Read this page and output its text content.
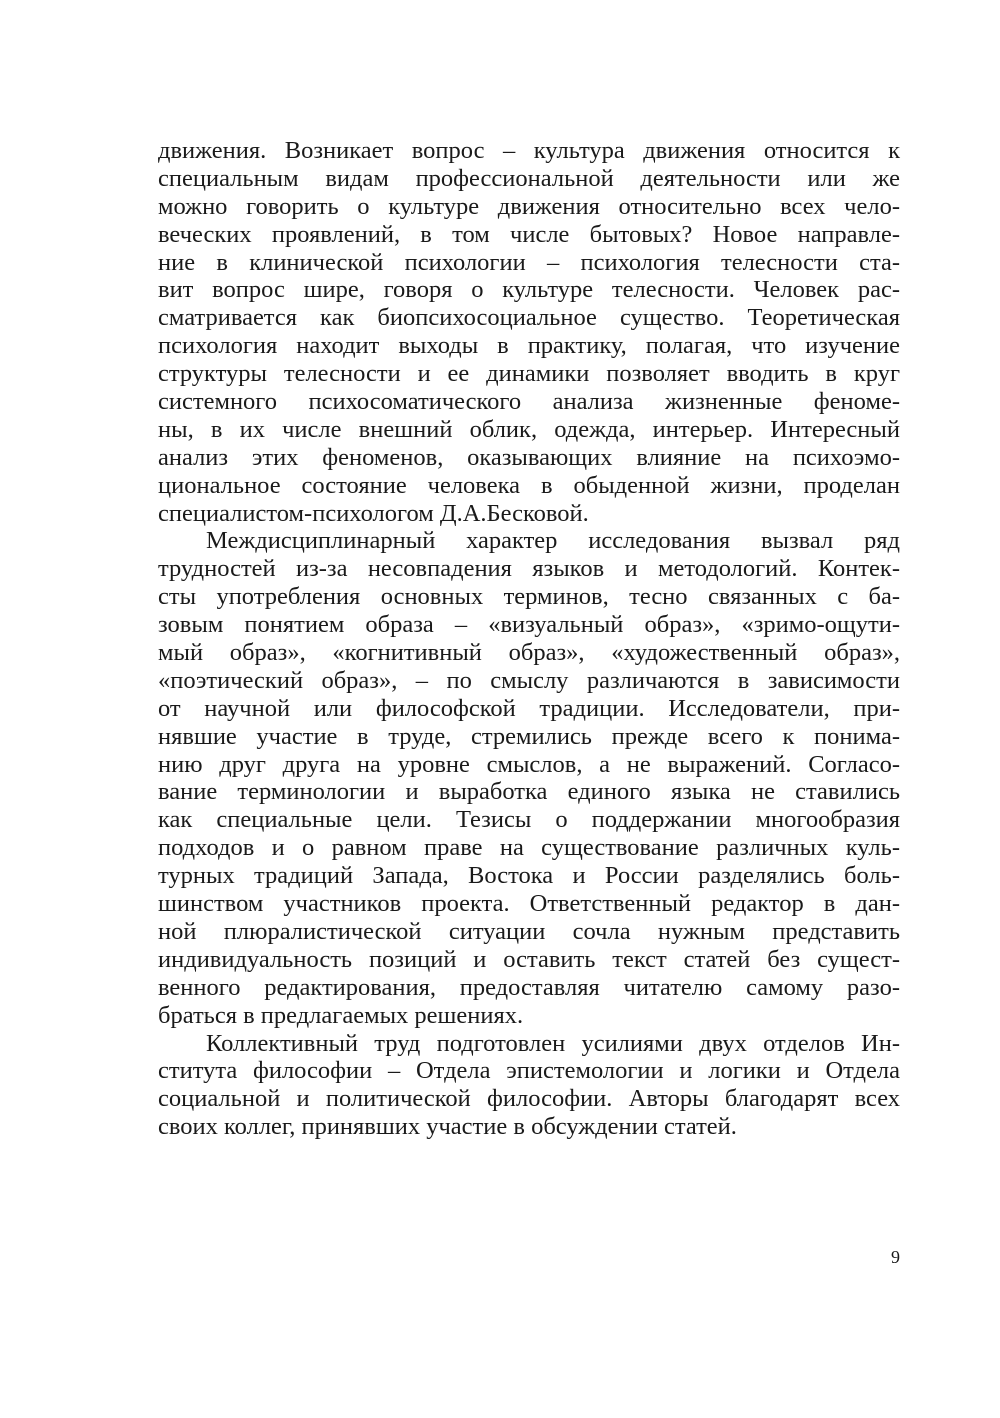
движения. Возникает вопрос – культура движения относится к
специальным видам профессиональной деятельности или же
можно говорить о культуре движения относительно всех чело-
веческих проявлений, в том числе бытовых? Новое направле-
ние в клинической психологии – психология телесности ста-
вит вопрос шире, говоря о культуре телесности. Человек рас-
сматривается как биопсихосоциальное существо. Теоретическая
психология находит выходы в практику, полагая, что изучение
структуры телесности и ее динамики позволяет вводить в круг
системного психосоматического анализа жизненные феноме-
ны, в их числе внешний облик, одежда, интерьер. Интересный
анализ этих феноменов, оказывающих влияние на психоэмо-
циональное состояние человека в обыденной жизни, проделан
специалистом-психологом Д.А.Бесковой.
Междисциплинарный характер исследования вызвал ряд
трудностей из-за несовпадения языков и методологий. Контек-
сты употребления основных терминов, тесно связанных с ба-
зовым понятием образа – «визуальный образ», «зримо-ощути-
мый образ», «когнитивный образ», «художественный образ»,
«поэтический образ», – по смыслу различаются в зависимости
от научной или философской традиции. Исследователи, при-
нявшие участие в труде, стремились прежде всего к понима-
нию друг друга на уровне смыслов, а не выражений. Согласо-
вание терминологии и выработка единого языка не ставились
как специальные цели. Тезисы о поддержании многообразия
подходов и о равном праве на существование различных куль-
турных традиций Запада, Востока и России разделялись боль-
шинством участников проекта. Ответственный редактор в дан-
ной плюралистической ситуации сочла нужным представить
индивидуальность позиций и оставить текст статей без сущест-
венного редактирования, предоставляя читателю самому разо-
браться в предлагаемых решениях.
Коллективный труд подготовлен усилиями двух отделов Ин-
ститута философии – Отдела эпистемологии и логики и Отдела
социальной и политической философии. Авторы благодарят всех
своих коллег, принявших участие в обсуждении статей.
9
